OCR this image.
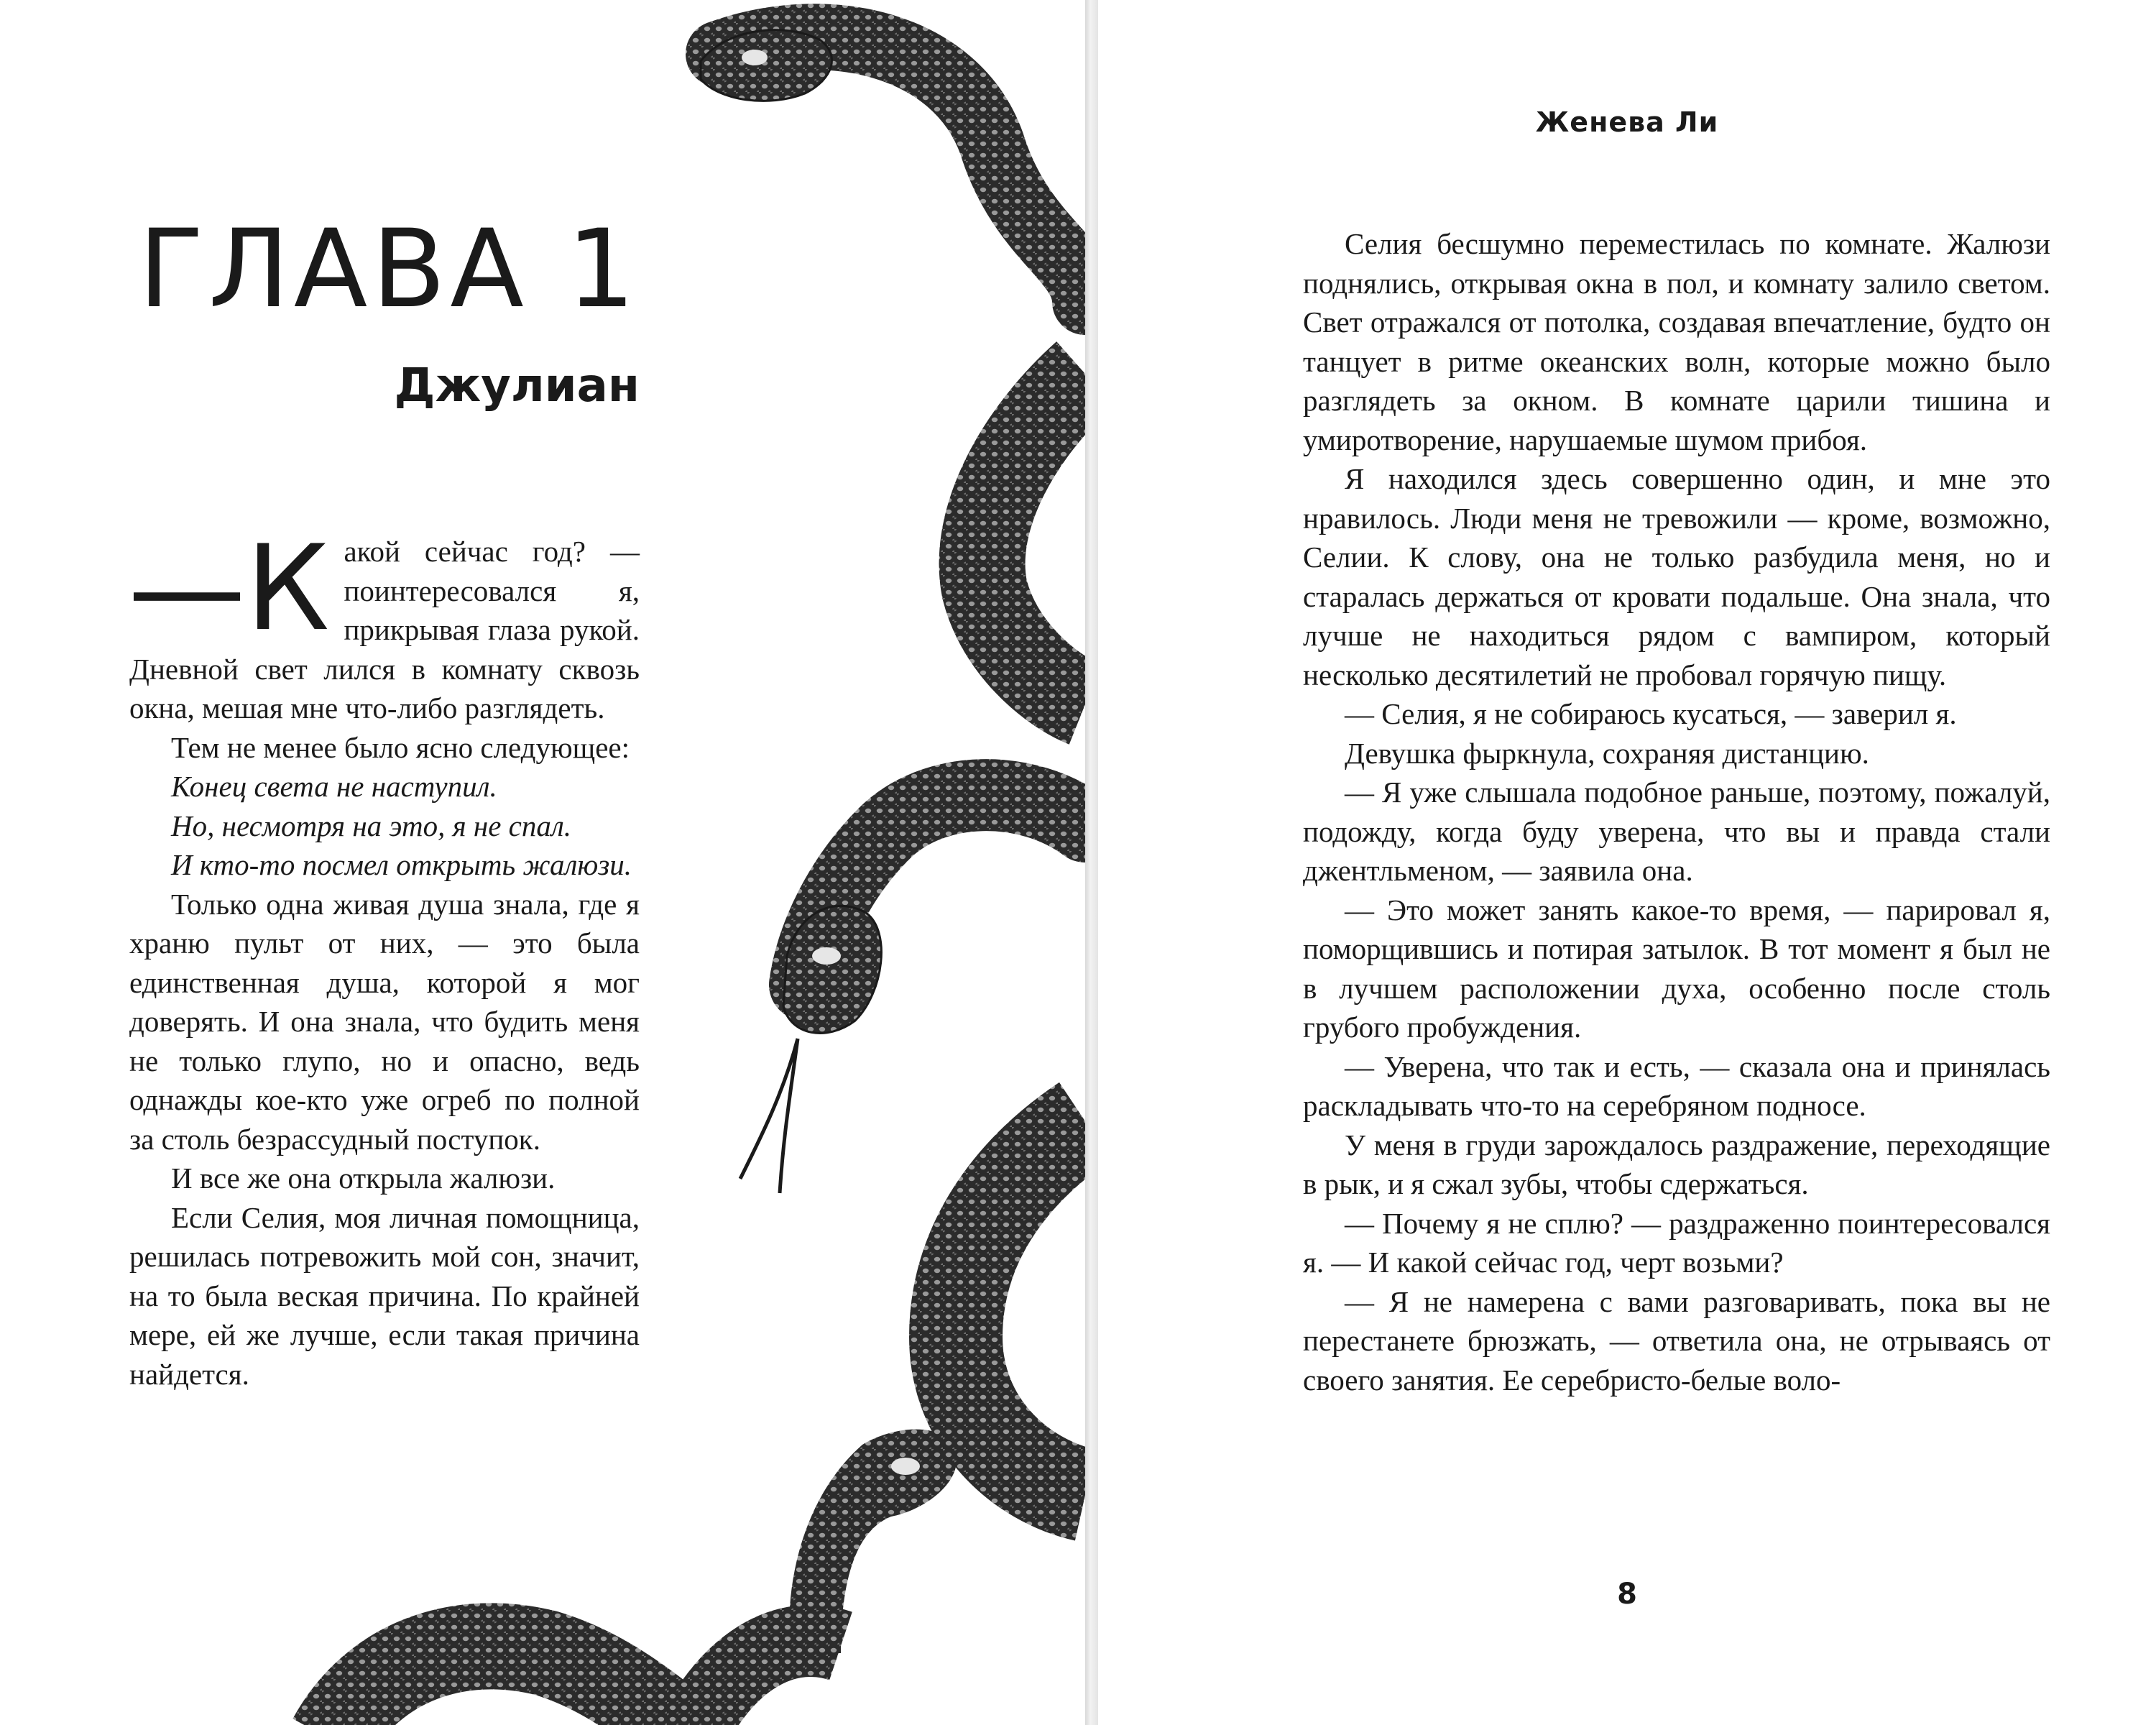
ГЛАВА 1
Джулиан

—К акой сейчас год? — поинтересовался я, прикрывая глаза рукой. Дневной свет лился в комнату сквозь окна, мешая мне что-либо разглядеть.

Тем не менее было ясно следующее:

Конец света не наступил.

Но, несмотря на это, я не спал.

И кто-то посмел открыть жалюзи.

Только одна живая душа знала, где я храню пульт от них, — это была единственная душа, которой я мог доверять. И она знала, что будить меня не только глупо, но и опасно, ведь однажды кое-кто уже огреб по полной за столь безрассудный поступок.

И все же она открыла жалюзи.

Если Селия, моя личная помощница, решилась потревожить мой сон, значит, на то была веская причина. По крайней мере, ей же лучше, если такая причина найдется.

Женева Ли

Селия бесшумно переместилась по комнате. Жалюзи поднялись, открывая окна в пол, и комнату залило светом. Свет отражался от потолка, создавая впечатление, будто он танцует в ритме океанских волн, которые можно было разглядеть за окном. В комнате царили тишина и умиротворение, нарушаемые шумом прибоя.

Я находился здесь совершенно один, и мне это нравилось. Люди меня не тревожили — кроме, возможно, Селии. К слову, она не только разбудила меня, но и старалась держаться от кровати подальше. Она знала, что лучше не находиться рядом с вампиром, который несколько десятилетий не пробовал горячую пищу.

— Селия, я не собираюсь кусаться, — заверил я.

Девушка фыркнула, сохраняя дистанцию.

— Я уже слышала подобное раньше, поэтому, пожалуй, подожду, когда буду уверена, что вы и правда стали джентльменом, — заявила она.

— Это может занять какое-то время, — парировал я, поморщившись и потирая затылок. В тот момент я был не в лучшем расположении духа, особенно после столь грубого пробуждения.

— Уверена, что так и есть, — сказала она и принялась раскладывать что-то на серебряном подносе.

У меня в груди зарождалось раздражение, переходящие в рык, и я сжал зубы, чтобы сдержаться.

— Почему я не сплю? — раздраженно поинтересовался я. — И какой сейчас год, черт возьми?

— Я не намерена с вами разговаривать, пока вы не перестанете брюзжать, — ответила она, не отрываясь от своего занятия. Ее серебристо-белые воло-

8
